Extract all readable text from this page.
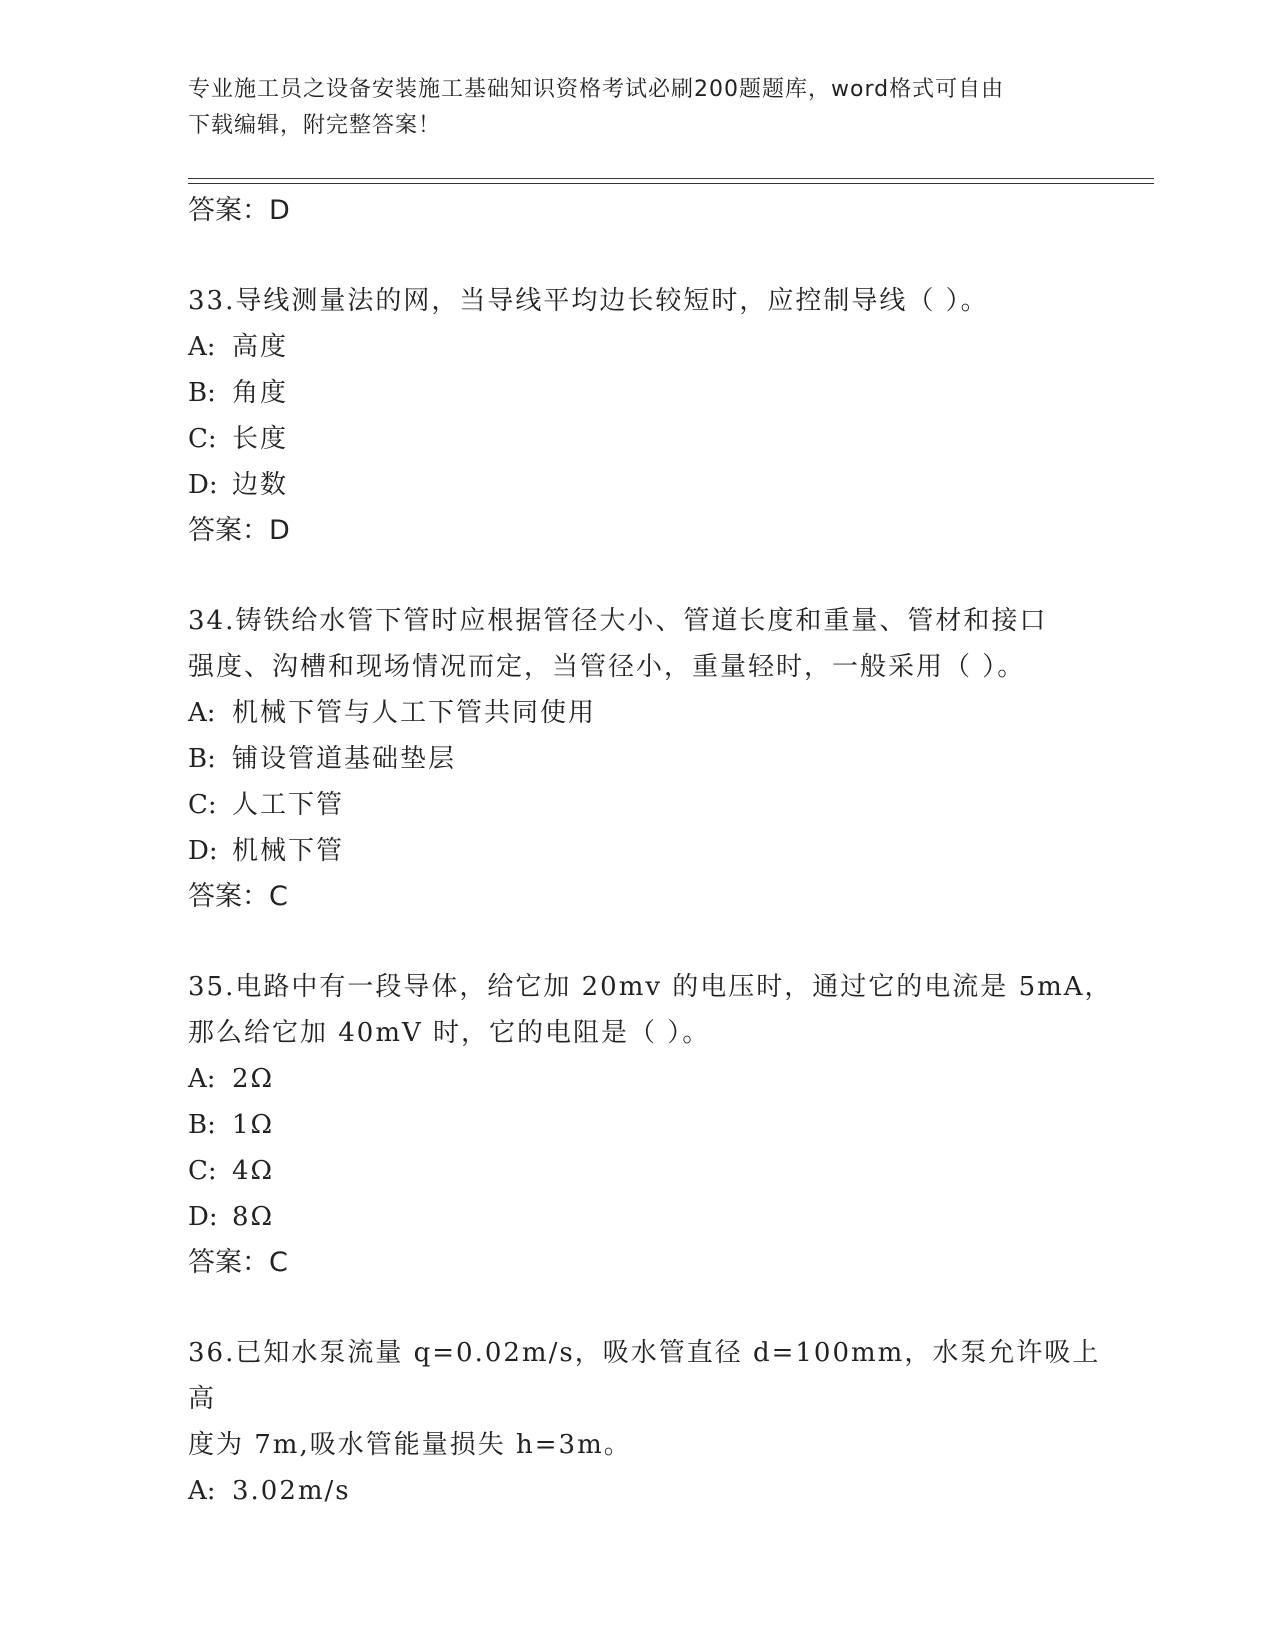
专业施工员之设备安装施工基础知识资格考试必刷200题题库，word格式可自由
下载编辑，附完整答案！
答案：D
33.导线测量法的网，当导线平均边长较短时，应控制导线（ ）。
A: 高度
B: 角度
C: 长度
D: 边数
答案：D
34.铸铁给水管下管时应根据管径大小、管道长度和重量、管材和接口
强度、沟槽和现场情况而定，当管径小，重量轻时，一般采用（ ）。
A: 机械下管与人工下管共同使用
B: 铺设管道基础垫层
C: 人工下管
D: 机械下管
答案：C
35.电路中有一段导体，给它加 20mv 的电压时，通过它的电流是 5mA，
那么给它加 40mV 时，它的电阻是（ ）。
A: 2Ω
B: 1Ω
C: 4Ω
D: 8Ω
答案：C
36.已知水泵流量 q=0.02m/s，吸水管直径 d=100mm，水泵允许吸上高
度为 7m,吸水管能量损失 h=3m。
A: 3.02m/s
